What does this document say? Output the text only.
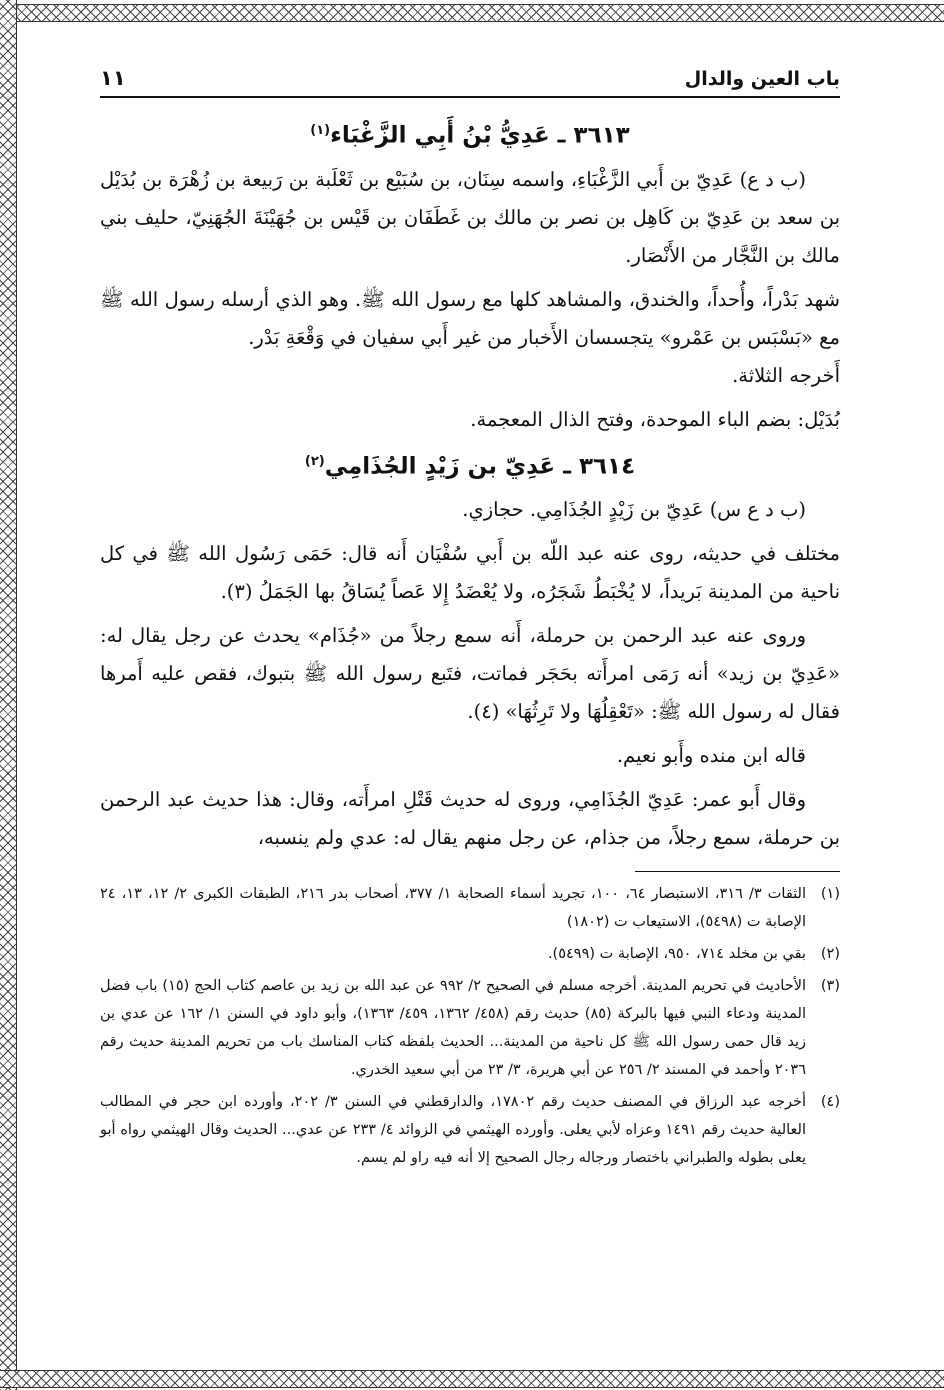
باب العين والدال
١١
٣٦١٣ ـ عَدِيُّ بْنُ أَبِي الزَّغْبَاء$^{(١)}$

(ب د ع) عَدِيّ بن أَبي الزَّغْبَاءِ، واسمه سِنَان، بن سُبَيْع بن ثَعْلَبة بن رَبيعة بن زُهْرَة بن بُدَيْل بن سعد بن عَدِيّ بن كَاهِل بن نصر بن مالك بن غَطَفَان بن قَيْس بن جُهَيْنَةَ الجُهَنِيّ، حليف بني مالك بن النَّجَّار من الأَنْصَار.

شهد بَدْراً، وأُحداً، والخندق، والمشاهد كلها مع رسول الله ﷺ. وهو الذي أرسله رسول الله ﷺ مع «بَسْبَس بن عَمْرو» يتجسسان الأَخبار من غير أَبي سفيان في وَقْعَةِ بَدْر.

أَخرجه الثلاثة.

بُدَيْل: بضم الباء الموحدة، وفتح الذال المعجمة.

٣٦١٤ ـ عَدِيّ بن زَيْدٍ الجُذَامِي$^{(٢)}$

(ب د ع س) عَدِيّ بن زَيْدٍ الجُذَامِي. حجازي.

مختلف في حديثه، روى عنه عبد اللّه بن أَبي سُفْيَان أَنه قال: حَمَى رَسُول الله ﷺ في كل ناحية من المدينة بَريداً، لا يُخْبَطُ شَجَرُه، ولا يُعْضَدُ إِلا عَصاً يُسَاقُ بها الجَمَلُ (٣).

وروى عنه عبد الرحمن بن حرملة، أَنه سمع رجلاً من «جُذَام» يحدث عن رجل يقال له: «عَدِيّ بن زيد» أنه رَمَى امرأَته بحَجَر فماتت، فتَبع رسول الله ﷺ بتبوك، فقص عليه أَمرها فقال له رسول الله ﷺ: «تَعْقِلُهَا ولا تَرِثُهَا» (٤).

قاله ابن منده وأَبو نعيم.

وقال أَبو عمر: عَدِيّ الجُذَامِي، وروى له حديث قَتْلِ امرأَته، وقال: هذا حديث عبد الرحمن بن حرملة، سمع رجلاً، من جذام، عن رجل منهم يقال له: عدي ولم ينسبه،

(١)
الثقات ٣/ ٣١٦، الاستبصار ٦٤، ١٠٠، تجريد أسماء الصحابة ١/ ٣٧٧، أصحاب بدر ٢١٦، الطبقات الكبرى ٢/ ١٢، ١٣، ٢٤ الإصابة ت (٥٤٩٨)، الاستيعاب ت (١٨٠٢)
(٢)
بقي بن مخلد ٧١٤، ٩٥٠، الإصابة ت (٥٤٩٩).
(٣)
الأحاديث في تحريم المدينة. أخرجه مسلم في الصحيح ٢/ ٩٩٢ عن عبد الله بن زيد بن عاصم كتاب الحج (١٥) باب فضل المدينة ودعاء النبي فيها بالبركة (٨٥) حديث رقم (٤٥٨/ ١٣٦٢، ٤٥٩/ ١٣٦٣)، وأبو داود في السنن ١/ ١٦٢ عن عدي بن زيد قال حمى رسول الله ﷺ كل ناحية من المدينة... الحديث بلفظه كتاب المناسك باب من تحريم المدينة حديث رقم ٢٠٣٦ وأحمد في المسند ٢/ ٢٥٦ عن أبي هريرة، ٣/ ٢٣ من أبي سعيد الخدري.
(٤)
أخرجه عبد الرزاق في المصنف حديث رقم ١٧٨٠٢، والدارقطني في السنن ٣/ ٢٠٢، وأورده ابن حجر في المطالب العالية حديث رقم ١٤٩١ وعزاه لأبي يعلى. وأورده الهيثمي في الزوائد ٤/ ٢٣٣ عن عدي... الحديث وقال الهيثمي رواه أبو يعلى بطوله والطبراني باختصار ورجاله رجال الصحيح إلا أنه فيه راو لم يسم.
